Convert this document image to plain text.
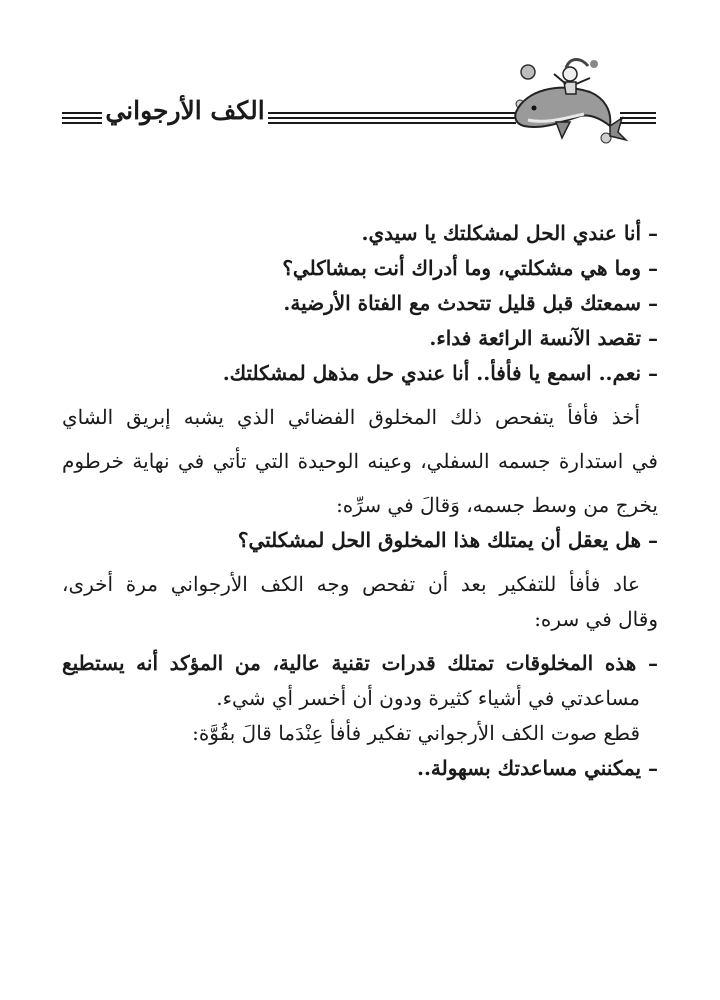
الكف الأرجواني
– أنا عندي الحل لمشكلتك يا سيدي.
– وما هي مشكلتي، وما أدراك أنت بمشاكلي؟
– سمعتك قبل قليل تتحدث مع الفتاة الأرضية.
– تقصد الآنسة الرائعة فداء.
– نعم.. اسمع يا فأفأ.. أنا عندي حل مذهل لمشكلتك.
أخذ فأفأ يتفحص ذلك المخلوق الفضائي الذي يشبه إبريق الشاي
في استدارة جسمه السفلي، وعينه الوحيدة التي تأتي في نهاية خرطوم
يخرج من وسط جسمه، وَقالَ في سرِّه:
– هل يعقل أن يمتلك هذا المخلوق الحل لمشكلتي؟
عاد فأفأ للتفكير بعد أن تفحص وجه الكف الأرجواني مرة أخرى،
وقال في سره:
– هذه المخلوقات تمتلك قدرات تقنية عالية، من المؤكد أنه يستطيع
مساعدتي في أشياء كثيرة ودون أن أخسر أي شيء.
قطع صوت الكف الأرجواني تفكير فأفأ عِنْدَما قالَ بقُوَّة:
– يمكنني مساعدتك بسهولة..
